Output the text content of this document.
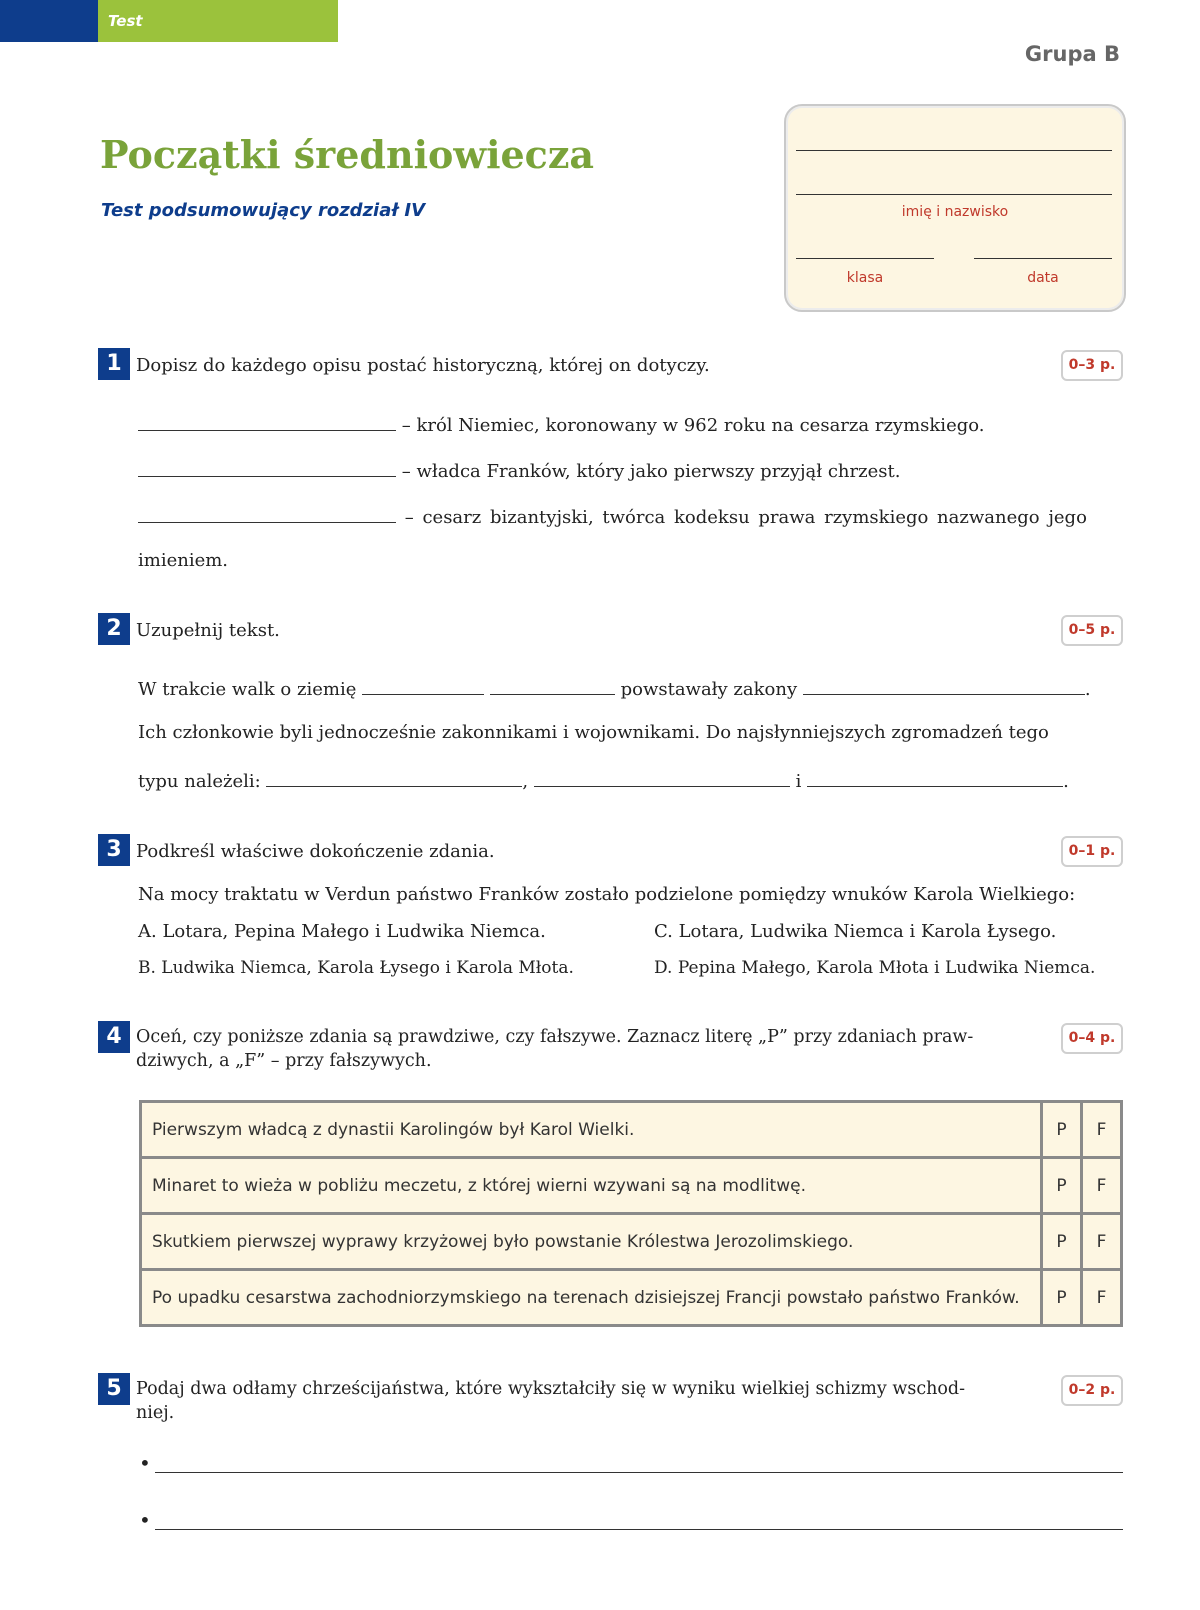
Test
Grupa B
Początki średniowiecza
Test podsumowujący rozdział IV	imię i nazwisko
klasa	data
1 Dopisz do każdego opisu postać historyczną, której on dotyczy.	0–3 p.
– król Niemiec, koronowany w 962 roku na cesarza rzymskiego.
– władca Franków, który jako pierwszy przyjął chrzest.
– cesarz bizantyjski, twórca kodeksu prawa rzymskiego nazwanego jego
imieniem.
2 Uzupełnij tekst.	0–5 p.
W trakcie walk o ziemię	powstawały zakony	.
Ich członkowie byli jednocześnie zakonnikami i wojownikami. Do najsłynniejszych zgromadzeń tego
typu należeli:	,	i	.
3 Podkreśl właściwe dokończenie zdania.	0–1 p.
Na mocy traktatu w Verdun państwo Franków zostało podzielone pomiędzy wnuków Karola Wielkiego:
A. Lotara, Pepina Małego i Ludwika Niemca.	C. Lotara, Ludwika Niemca i Karola Łysego.
B. Ludwika Niemca, Karola Łysego i Karola Młota.	D. Pepina Małego, Karola Młota i Ludwika Niemca.
4 Oceń, czy poniższe zdania są prawdziwe, czy fałszywe. Zaznacz literę „P” przy zdaniach praw-
dziwych, a „F” – przy fałszywych.
0–4 p.
Pierwszym władcą z dynastii Karolingów był Karol Wielki.	P	F
Minaret to wieża w pobliżu meczetu, z której wierni wzywani są na modlitwę.	P	F
Skutkiem pierwszej wyprawy krzyżowej było powstanie Królestwa Jerozolimskiego.	P	F
Po upadku cesarstwa zachodniorzymskiego na terenach dzisiejszej Francji powstało państwo Franków.	P	F
5 Podaj dwa odłamy chrześcijaństwa, które wykształciły się w wyniku wielkiej schizmy wschod-
niej.
0–2 p.
•
•
